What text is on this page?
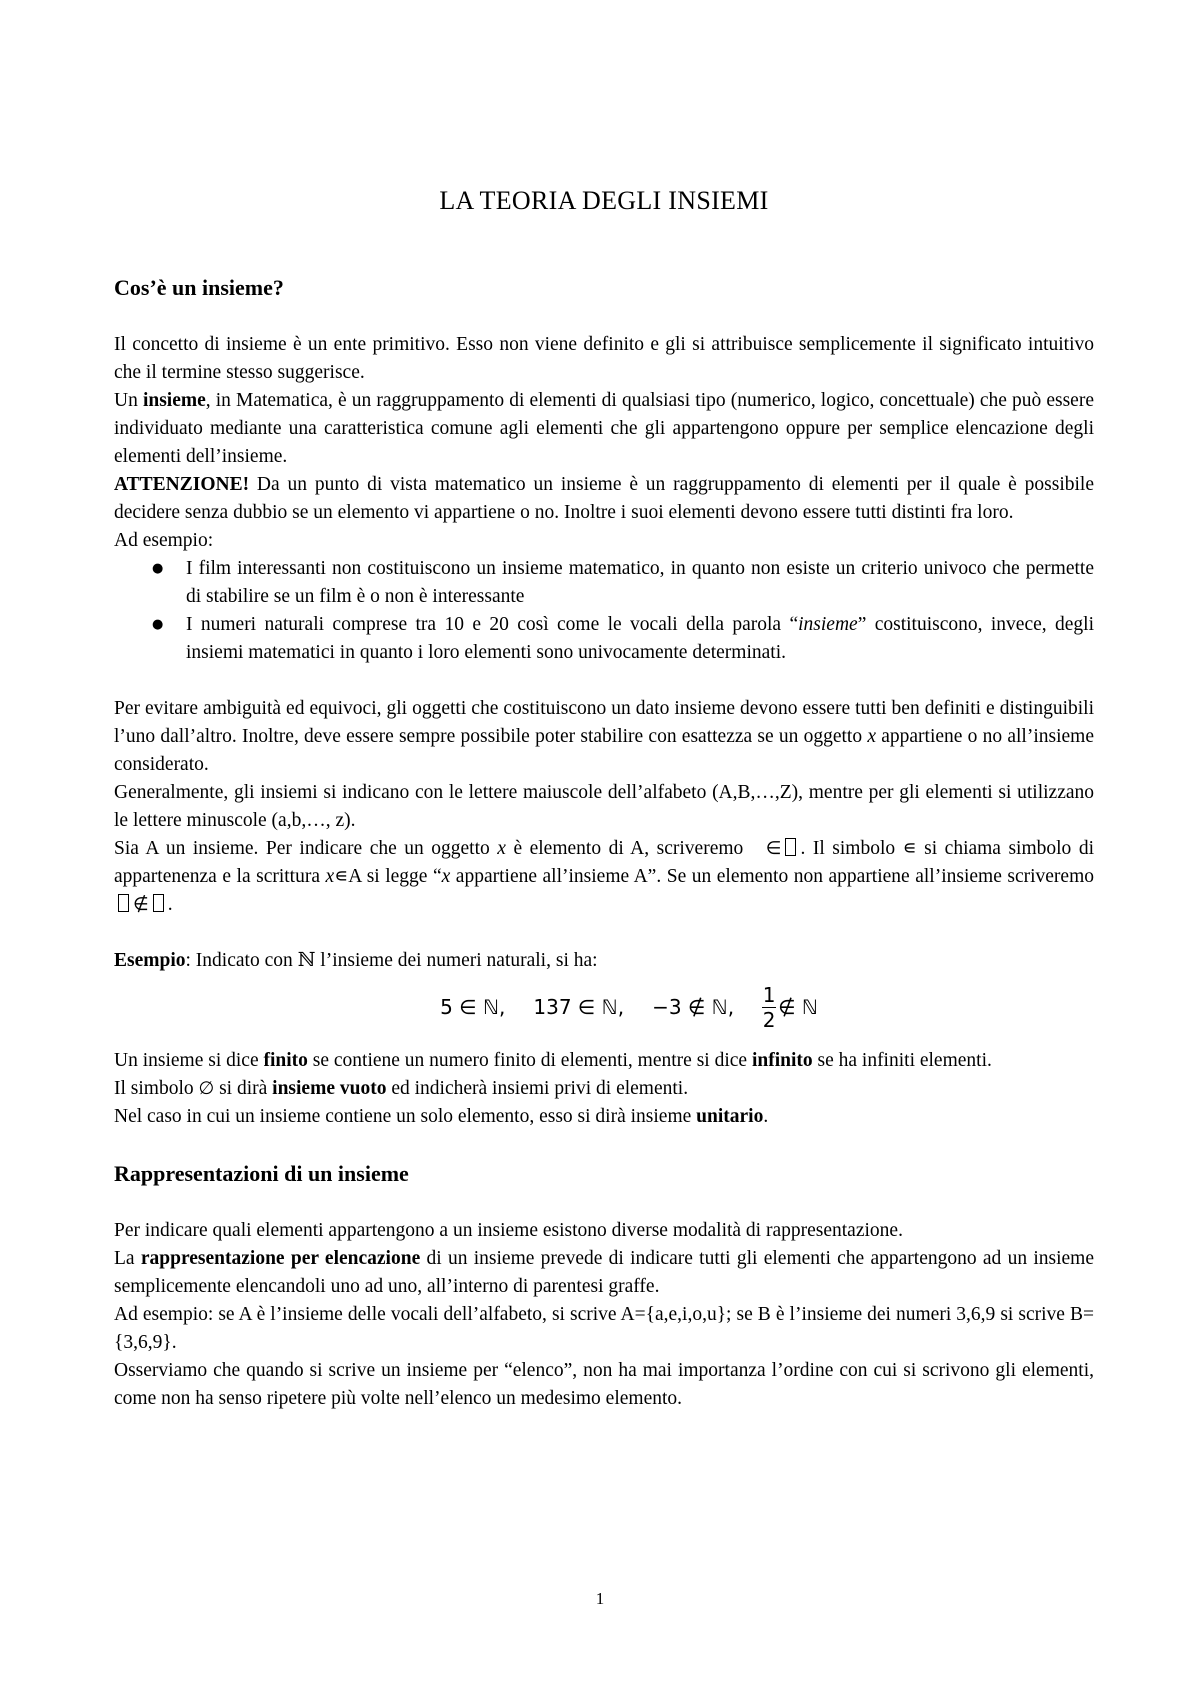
LA TEORIA DEGLI INSIEMI
Cos’è un insieme?

Il concetto di insieme è un ente primitivo. Esso non viene definito e gli si attribuisce semplicemente il significato intuitivo che il termine stesso suggerisce.

Un insieme, in Matematica, è un raggruppamento di elementi di qualsiasi tipo (numerico, logico, concettuale) che può essere individuato mediante una caratteristica comune agli elementi che gli appartengono oppure per semplice elencazione degli elementi dell’insieme.

ATTENZIONE! Da un punto di vista matematico un insieme è un raggruppamento di elementi per il quale è possibile decidere senza dubbio se un elemento vi appartiene o no. Inoltre i suoi elementi devono essere tutti distinti fra loro.

Ad esempio:

● I film interessanti non costituiscono un insieme matematico, in quanto non esiste un criterio univoco che permette di stabilire se un film è o non è interessante
● I numeri naturali comprese tra 10 e 20 così come le vocali della parola “insieme” costituiscono, invece, degli insiemi matematici in quanto i loro elementi sono univocamente determinati.

Per evitare ambiguità ed equivoci, gli oggetti che costituiscono un dato insieme devono essere tutti ben definiti e distinguibili l’uno dall’altro. Inoltre, deve essere sempre possibile poter stabilire con esattezza se un oggetto x appartiene o no all’insieme considerato.

Generalmente, gli insiemi si indicano con le lettere maiuscole dell’alfabeto (A,B,…,Z), mentre per gli elementi si utilizzano le lettere minuscole (a,b,…, z).

Sia A un insieme. Per indicare che un oggetto x è elemento di A, scriveremo   ∈ . Il simbolo ∊ si chiama simbolo di appartenenza e la scrittura x∊A si legge “x appartiene all’insieme A”. Se un elemento non appartiene all’insieme scriveremo ∉ .

Esempio: Indicato con ℕ l’insieme dei numeri naturali, si ha:

5 ∈ ℕ, 137 ∈ ℕ, −3 ∉ ℕ,
1
2
∉ ℕ

Un insieme si dice finito se contiene un numero finito di elementi, mentre si dice infinito se ha infiniti elementi.

Il simbolo ∅ si dirà insieme vuoto ed indicherà insiemi privi di elementi.

Nel caso in cui un insieme contiene un solo elemento, esso si dirà insieme unitario.

Rappresentazioni di un insieme

Per indicare quali elementi appartengono a un insieme esistono diverse modalità di rappresentazione.

La rappresentazione per elencazione di un insieme prevede di indicare tutti gli elementi che appartengono ad un insieme semplicemente elencandoli uno ad uno, all’interno di parentesi graffe.

Ad esempio: se A è l’insieme delle vocali dell’alfabeto, si scrive A={a,e,i,o,u}; se B è l’insieme dei numeri 3,6,9 si scrive B={3,6,9}.

Osserviamo che quando si scrive un insieme per “elenco”, non ha mai importanza l’ordine con cui si scrivono gli elementi, come non ha senso ripetere più volte nell’elenco un medesimo elemento.

1
